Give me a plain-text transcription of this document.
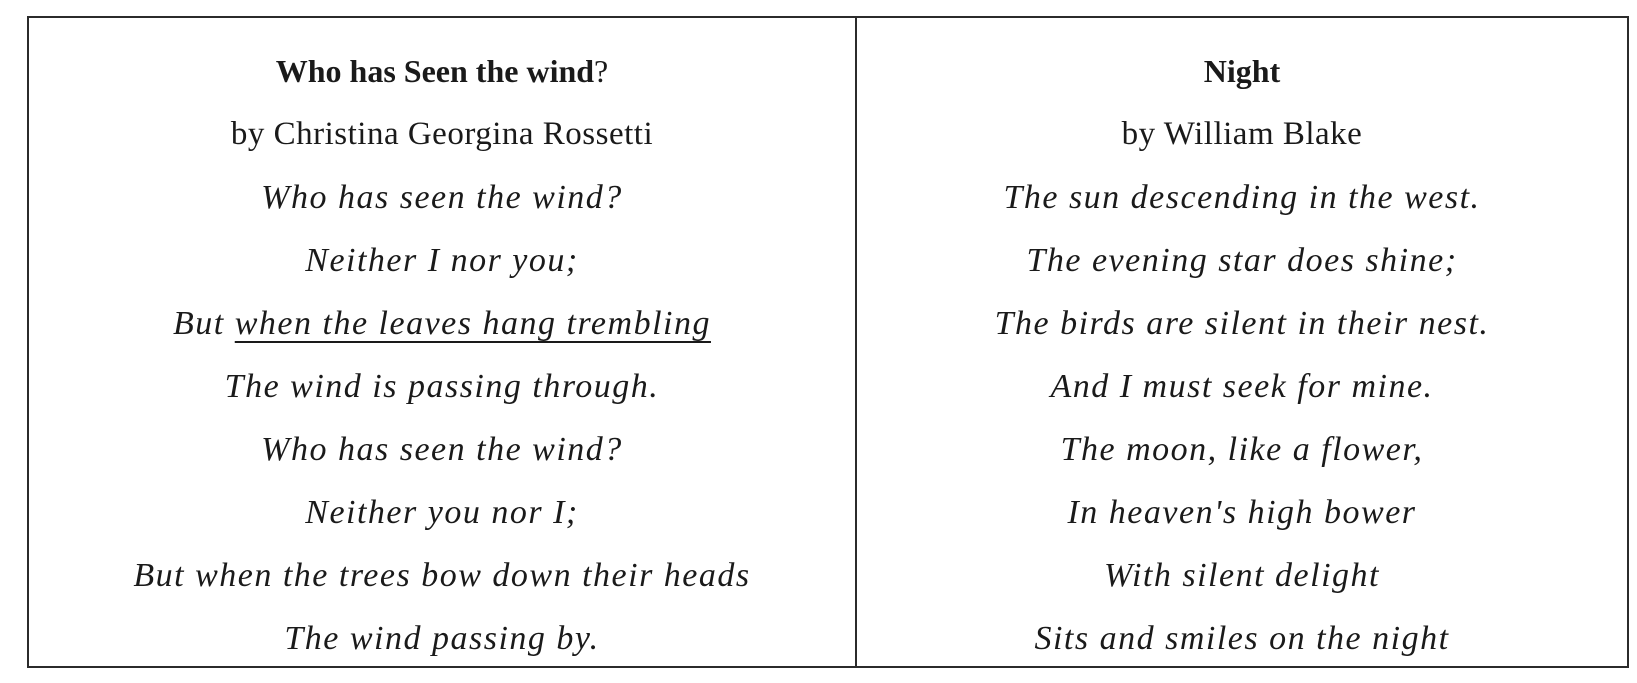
Who has Seen the wind?
by Christina Georgina Rossetti
Who has seen the wind?
Neither I nor you;
But when the leaves hang trembling
The wind is passing through.
Who has seen the wind?
Neither you nor I;
But when the trees bow down their heads
The wind passing by.
Night
by William Blake
The sun descending in the west.
The evening star does shine;
The birds are silent in their nest.
And I must seek for mine.
The moon, like a flower,
In heaven's high bower
With silent delight
Sits and smiles on the night
